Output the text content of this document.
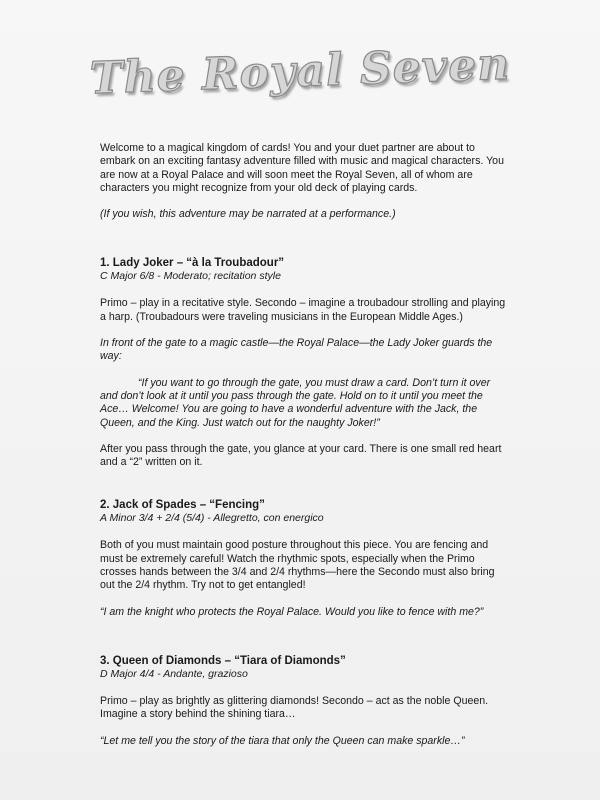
The Royal Seven

Welcome to a magical kingdom of cards! You and your duet partner are about to embark on an exciting fantasy adventure filled with music and magical characters. You are now at a Royal Palace and will soon meet the Royal Seven, all of whom are characters you might recognize from your old deck of playing cards.

(If you wish, this adventure may be narrated at a performance.)

1. Lady Joker – “à la Troubadour”

C Major 6/8 - Moderato; recitation style

Primo – play in a recitative style. Secondo – imagine a troubadour strolling and playing a harp. (Troubadours were traveling musicians in the European Middle Ages.)

In front of the gate to a magic castle—the Royal Palace—the Lady Joker guards the way:

“If you want to go through the gate, you must draw a card. Don’t turn it over and don’t look at it until you pass through the gate. Hold on to it until you meet the Ace… Welcome! You are going to have a wonderful adventure with the Jack, the Queen, and the King. Just watch out for the naughty Joker!”

After you pass through the gate, you glance at your card. There is one small red heart and a “2” written on it.

2. Jack of Spades – “Fencing”

A Minor 3/4 + 2/4 (5/4) - Allegretto, con energico

Both of you must maintain good posture throughout this piece. You are fencing and must be extremely careful! Watch the rhythmic spots, especially when the Primo crosses hands between the 3/4 and 2/4 rhythms—here the Secondo must also bring out the 2/4 rhythm. Try not to get entangled!

“I am the knight who protects the Royal Palace. Would you like to fence with me?”

3. Queen of Diamonds – “Tiara of Diamonds”

D Major 4/4 - Andante, grazioso

Primo – play as brightly as glittering diamonds! Secondo – act as the noble Queen. Imagine a story behind the shining tiara…

“Let me tell you the story of the tiara that only the Queen can make sparkle…”
